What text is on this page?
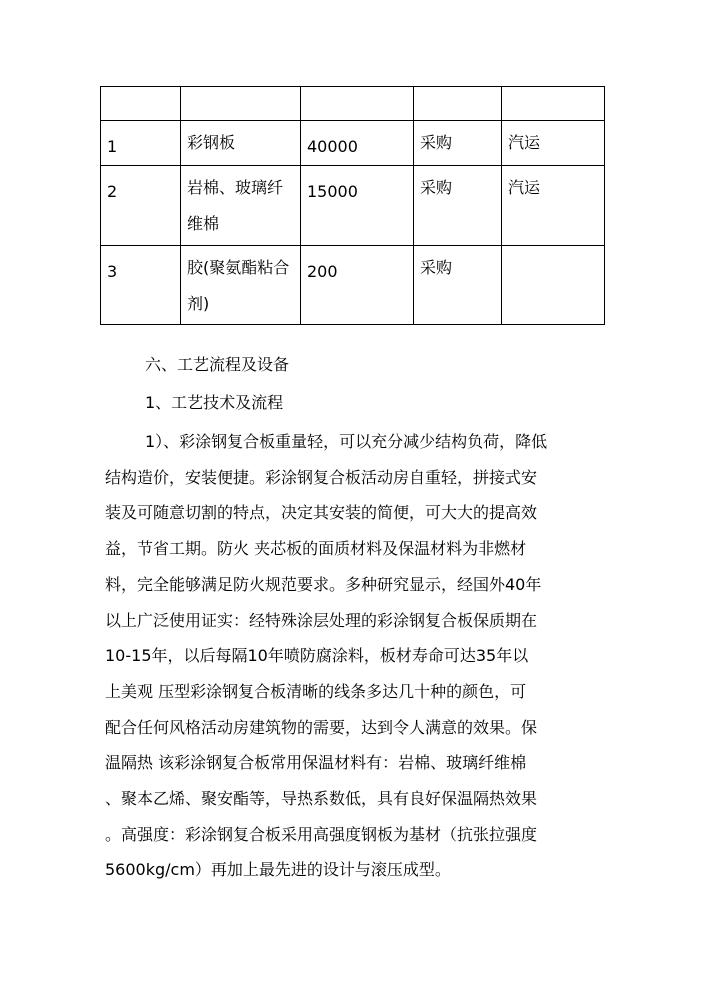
1	彩钢板	40000	采购	汽运
2	岩棉、玻璃纤维棉	15000	采购	汽运
3	胶(聚氨酯粘合剂)	200	采购	
六、工艺流程及设备
1、工艺技术及流程

1）、彩涂钢复合板重量轻，可以充分减少结构负荷，降低
结构造价，安装便捷。彩涂钢复合板活动房自重轻，拼接式安
装及可随意切割的特点，决定其安装的简便，可大大的提高效
益，节省工期。防火 夹芯板的面质材料及保温材料为非燃材
料，完全能够满足防火规范要求。多种研究显示，经国外40年
以上广泛使用证实：经特殊涂层处理的彩涂钢复合板保质期在
10-15年，以后每隔10年喷防腐涂料，板材寿命可达35年以
上美观 压型彩涂钢复合板清晰的线条多达几十种的颜色，可
配合任何风格活动房建筑物的需要，达到令人满意的效果。保
温隔热 该彩涂钢复合板常用保温材料有：岩棉、玻璃纤维棉
、聚本乙烯、聚安酯等，导热系数低，具有良好保温隔热效果
。高强度：彩涂钢复合板采用高强度钢板为基材（抗张拉强度
5600kg/cm）再加上最先进的设计与滚压成型。
